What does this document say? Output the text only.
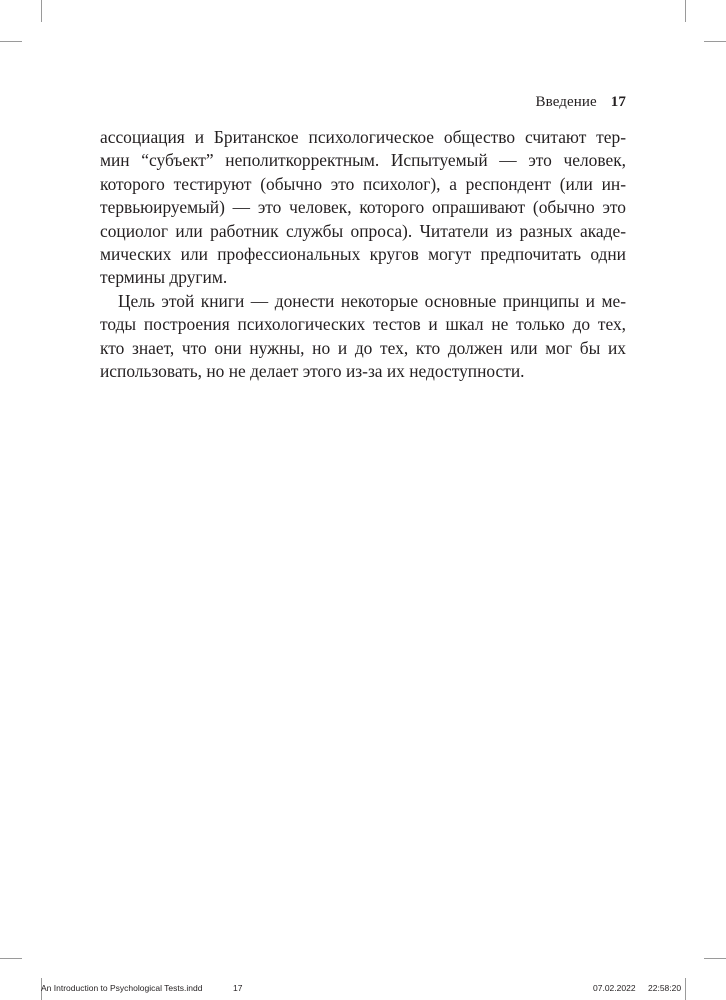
Введение 17
ассоциация и Британское психологическое общество считают тер-
мин “субъект” неполиткорректным. Испытуемый — это человек,
которого тестируют (обычно это психолог), а респондент (или ин-
тервьюируемый) — это человек, которого опрашивают (обычно это
социолог или работник службы опроса). Читатели из разных акаде-
мических или профессиональных кругов могут предпочитать одни
термины другим.
Цель этой книги — донести некоторые основные принципы и ме-
тоды построения психологических тестов и шкал не только до тех,
кто знает, что они нужны, но и до тех, кто должен или мог бы их
использовать, но не делает этого из-за их недоступности.
An Introduction to Psychological Tests.indd	17	07.02.2022 22:58:20
